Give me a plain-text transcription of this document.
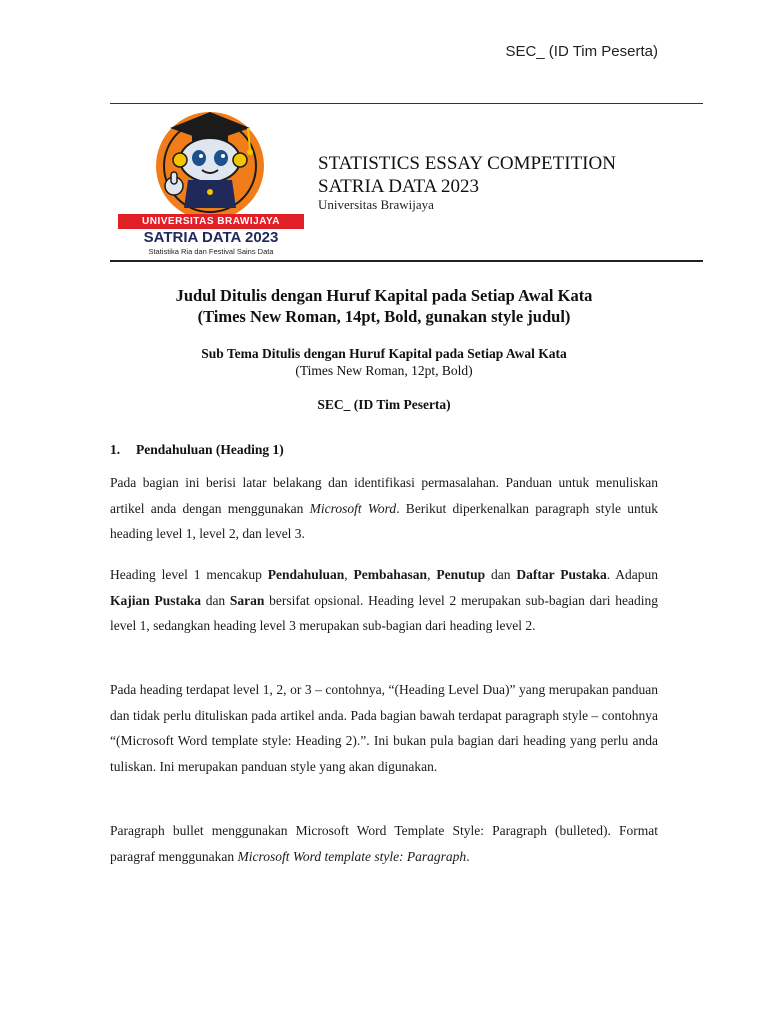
SEC_ (ID Tim Peserta)
UNIVERSITAS BRAWIJAYA
SATRIA DATA 2023
Statistika Ria dan Festival Sains Data
STATISTICS ESSAY COMPETITION
SATRIA DATA 2023
Universitas Brawijaya
Judul Ditulis dengan Huruf Kapital pada Setiap Awal Kata
(Times New Roman, 14pt, Bold, gunakan style judul)
Sub Tema Ditulis dengan Huruf Kapital pada Setiap Awal Kata
(Times New Roman, 12pt, Bold)
SEC_ (ID Tim Peserta)
1. Pendahuluan (Heading 1)

Pada bagian ini berisi latar belakang dan identifikasi permasalahan. Panduan untuk menuliskan artikel anda dengan menggunakan Microsoft Word. Berikut diperkenalkan paragraph style untuk heading level 1, level 2, dan level 3.

Heading level 1 mencakup Pendahuluan, Pembahasan, Penutup dan Daftar Pustaka. Adapun Kajian Pustaka dan Saran bersifat opsional. Heading level 2 merupakan sub-bagian dari heading level 1, sedangkan heading level 3 merupakan sub-bagian dari heading level 2.

Pada heading terdapat level 1, 2, or 3 – contohnya, “(Heading Level Dua)” yang merupakan panduan dan tidak perlu dituliskan pada artikel anda. Pada bagian bawah terdapat paragraph style – contohnya “(Microsoft Word template style: Heading 2).”. Ini bukan pula bagian dari heading yang perlu anda tuliskan. Ini merupakan panduan style yang akan digunakan.

Paragraph bullet menggunakan Microsoft Word Template Style: Paragraph (bulleted). Format paragraf menggunakan Microsoft Word template style: Paragraph.
